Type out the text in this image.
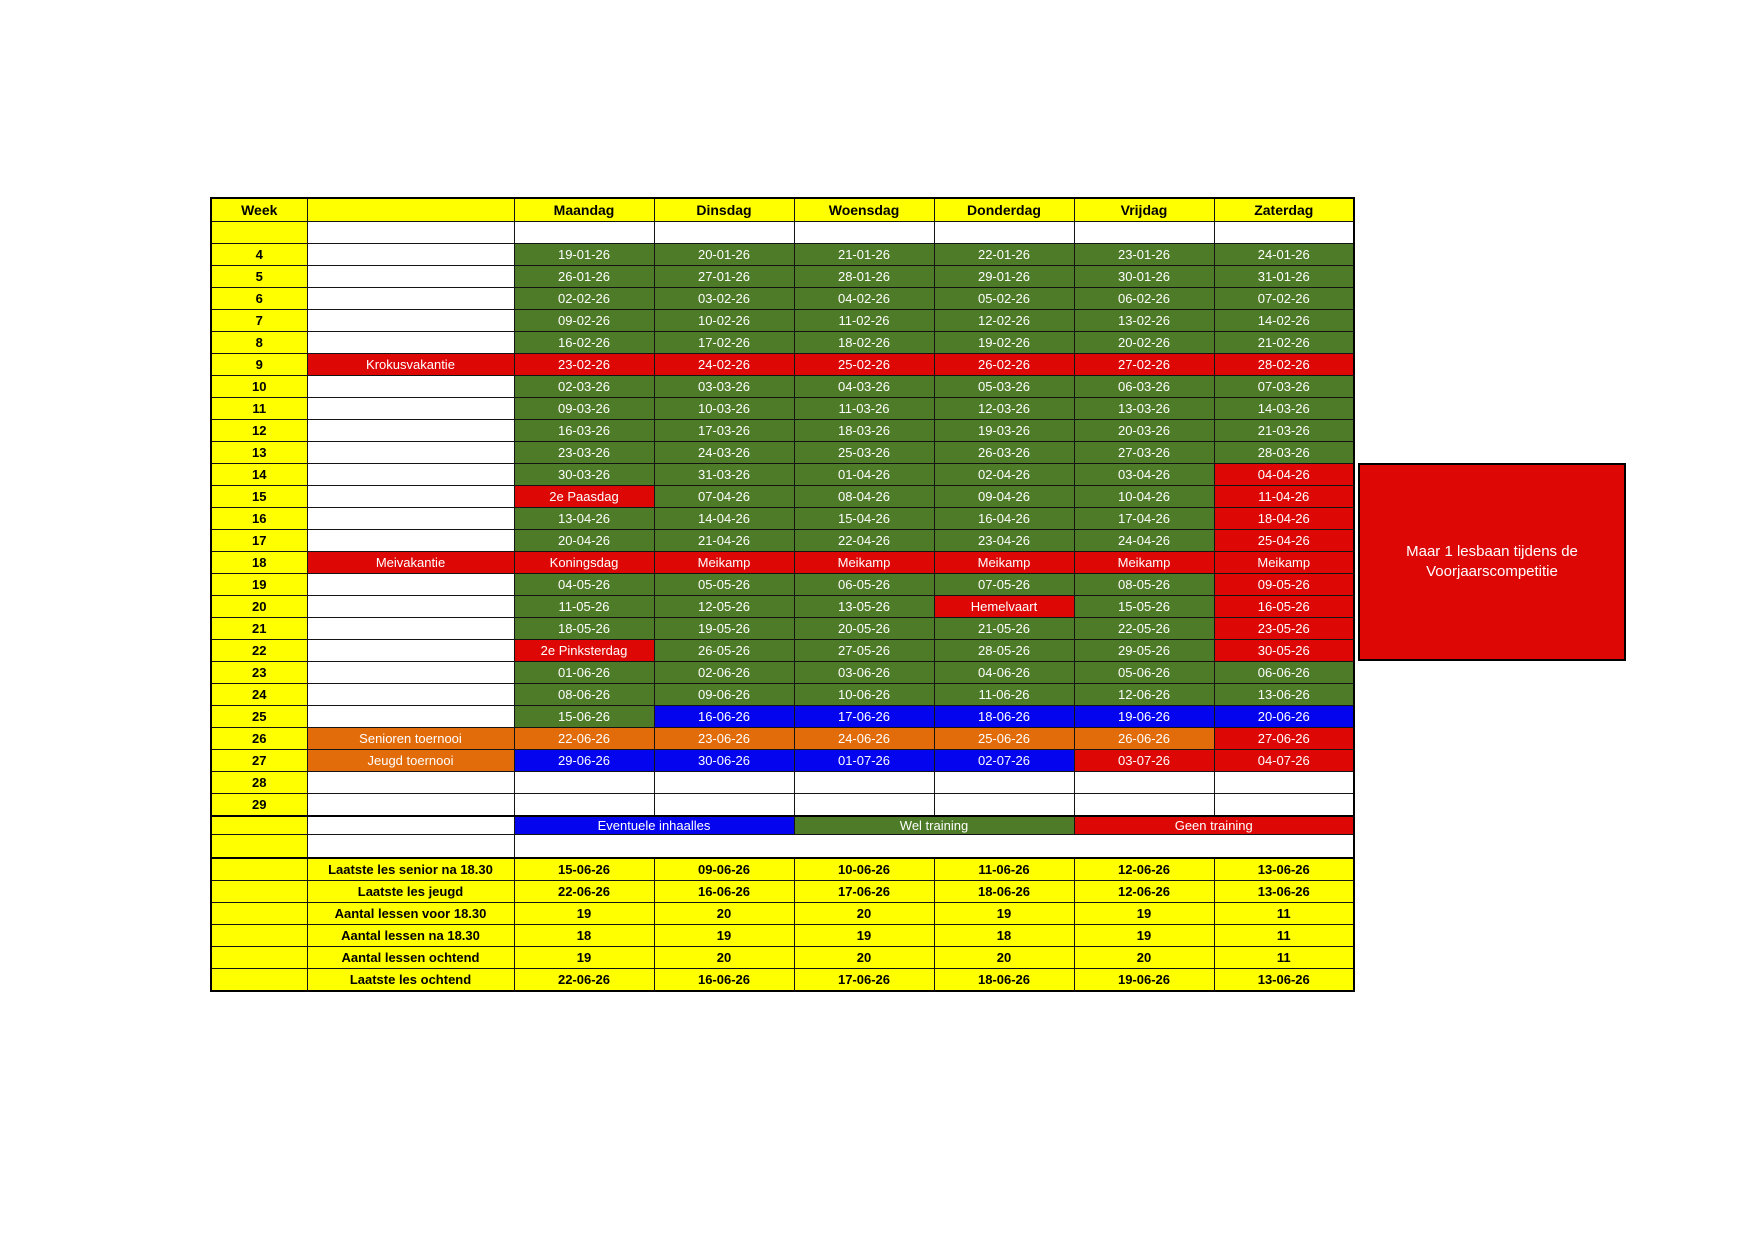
Week		Maandag	Dinsdag	Woensdag	Donderdag	Vrijdag	Zaterdag

4		19-01-26	20-01-26	21-01-26	22-01-26	23-01-26	24-01-26
5		26-01-26	27-01-26	28-01-26	29-01-26	30-01-26	31-01-26
6		02-02-26	03-02-26	04-02-26	05-02-26	06-02-26	07-02-26
7		09-02-26	10-02-26	11-02-26	12-02-26	13-02-26	14-02-26
8		16-02-26	17-02-26	18-02-26	19-02-26	20-02-26	21-02-26
9	Krokusvakantie	23-02-26	24-02-26	25-02-26	26-02-26	27-02-26	28-02-26
10		02-03-26	03-03-26	04-03-26	05-03-26	06-03-26	07-03-26
11		09-03-26	10-03-26	11-03-26	12-03-26	13-03-26	14-03-26
12		16-03-26	17-03-26	18-03-26	19-03-26	20-03-26	21-03-26
13		23-03-26	24-03-26	25-03-26	26-03-26	27-03-26	28-03-26
14		30-03-26	31-03-26	01-04-26	02-04-26	03-04-26	04-04-26
15		2e Paasdag	07-04-26	08-04-26	09-04-26	10-04-26	11-04-26
16		13-04-26	14-04-26	15-04-26	16-04-26	17-04-26	18-04-26
17		20-04-26	21-04-26	22-04-26	23-04-26	24-04-26	25-04-26
18	Meivakantie	Koningsdag	Meikamp	Meikamp	Meikamp	Meikamp	Meikamp
19		04-05-26	05-05-26	06-05-26	07-05-26	08-05-26	09-05-26
20		11-05-26	12-05-26	13-05-26	Hemelvaart	15-05-26	16-05-26
21		18-05-26	19-05-26	20-05-26	21-05-26	22-05-26	23-05-26
22		2e Pinksterdag	26-05-26	27-05-26	28-05-26	29-05-26	30-05-26
23		01-06-26	02-06-26	03-06-26	04-06-26	05-06-26	06-06-26
24		08-06-26	09-06-26	10-06-26	11-06-26	12-06-26	13-06-26
25		15-06-26	16-06-26	17-06-26	18-06-26	19-06-26	20-06-26
26	Senioren toernooi	22-06-26	23-06-26	24-06-26	25-06-26	26-06-26	27-06-26
27	Jeugd toernooi	29-06-26	30-06-26	01-07-26	02-07-26	03-07-26	04-07-26
28							
29							
		Eventuele inhaalles		Wel training		Geen training	

	Laatste les senior na 18.30	15-06-26	09-06-26	10-06-26	11-06-26	12-06-26	13-06-26
	Laatste les jeugd	22-06-26	16-06-26	17-06-26	18-06-26	12-06-26	13-06-26
	Aantal lessen voor 18.30	19	20	20	19	19	11
	Aantal lessen na 18.30	18	19	19	18	19	11
	Aantal lessen ochtend	19	20	20	20	20	11
	Laatste les ochtend	22-06-26	16-06-26	17-06-26	18-06-26	19-06-26	13-06-26
Maar 1 lesbaan tijdens de Voorjaarscompetitie
